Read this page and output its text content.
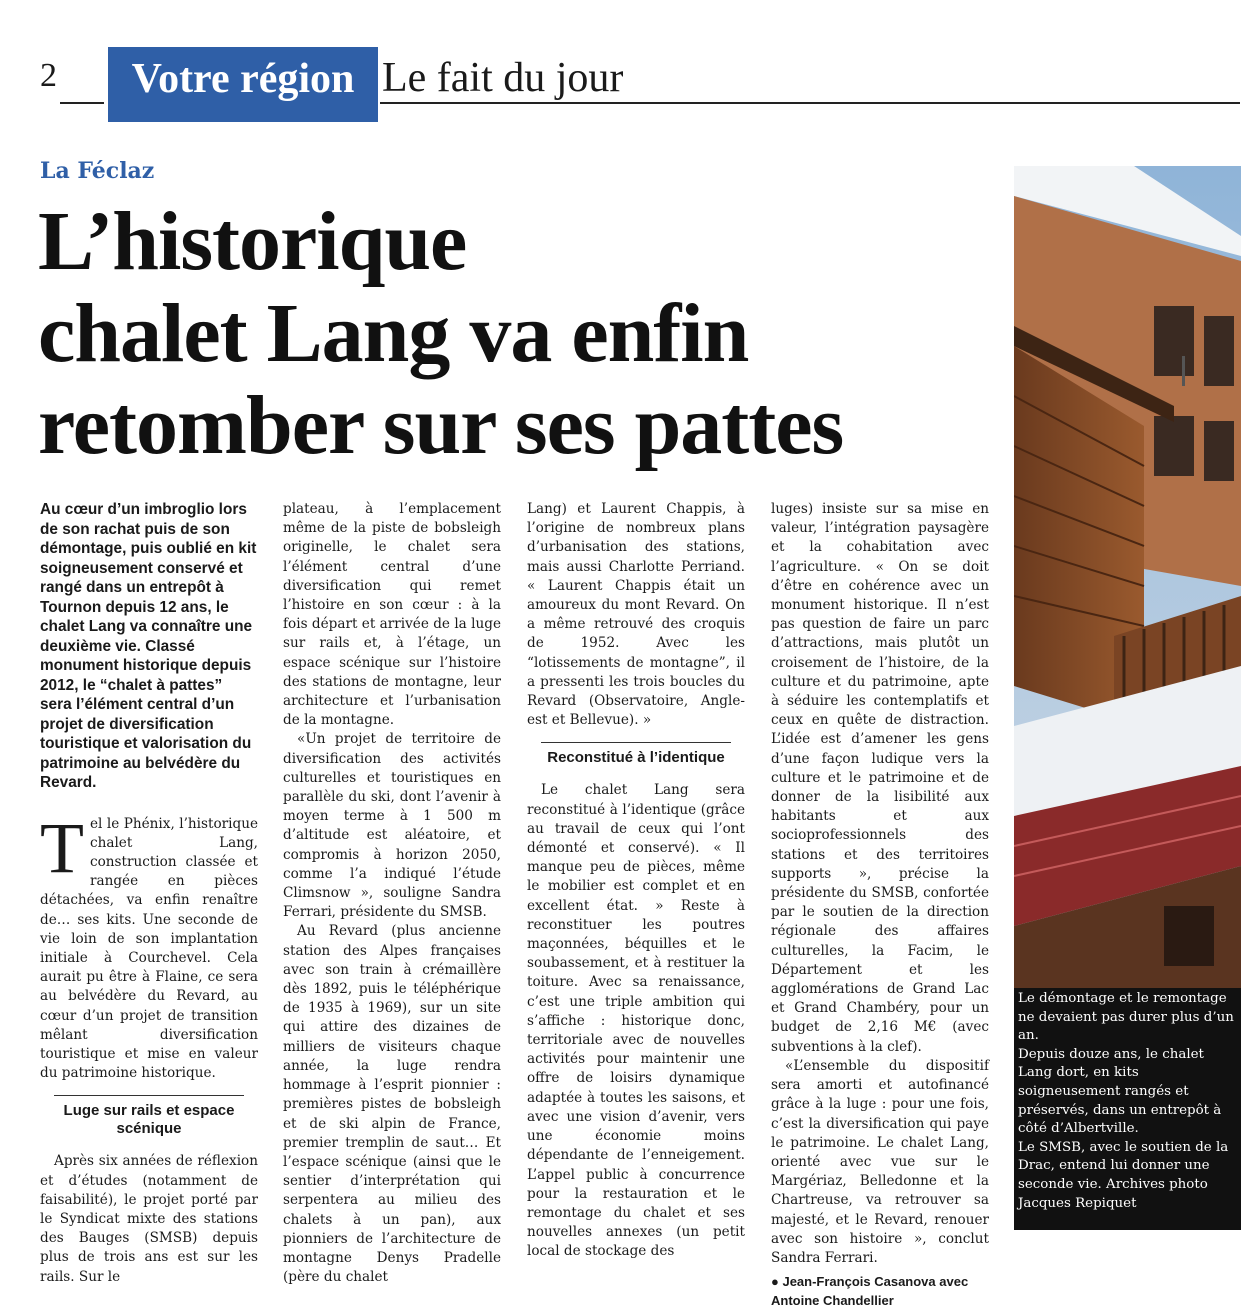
2	Votre région Le fait du jour
La Féclaz
L’historique
chalet Lang va enfin
retomber sur ses pattes
Au cœur d’un imbroglio lors de son rachat puis de son démontage, puis oublié en kit soigneusement conservé et rangé dans un entrepôt à Tournon depuis 12 ans, le chalet Lang va connaître une deuxième vie. Classé monument historique depuis 2012, le “chalet à pattes” sera l’élément central d’un projet de diversification touristique et valorisation du patrimoine au belvédère du Revard.

Tel le Phénix, l’historique chalet Lang, construction classée et rangée en pièces détachées, va enfin renaître de… ses kits. Une seconde de vie loin de son implantation initiale à Courchevel. Cela aurait pu être à Flaine, ce sera au belvédère du Revard, au cœur d’un projet de transition mêlant diversification touristique et mise en valeur du patrimoine historique.

Luge sur rails et espace scénique

Après six années de réflexion et d’études (notamment de faisabilité), le projet porté par le Syndicat mixte des stations des Bauges (SMSB) depuis plus de trois ans est sur les rails. Sur le

plateau, à l’emplacement même de la piste de bobsleigh originelle, le chalet sera l’élément central d’une diversification qui remet l’histoire en son cœur : à la fois départ et arrivée de la luge sur rails et, à l’étage, un espace scénique sur l’histoire des stations de montagne, leur architecture et l’urbanisation de la montagne.

«Un projet de territoire de diversification des activités culturelles et touristiques en parallèle du ski, dont l’avenir à moyen terme à 1 500 m d’altitude est aléatoire, et compromis à horizon 2050, comme l’a indiqué l’étude Climsnow », souligne Sandra Ferrari, présidente du SMSB.

Au Revard (plus ancienne station des Alpes françaises avec son train à crémaillère dès 1892, puis le téléphérique de 1935 à 1969), sur un site qui attire des dizaines de milliers de visiteurs chaque année, la luge rendra hommage à l’esprit pionnier : premières pistes de bobsleigh et de ski alpin de France, premier tremplin de saut… Et l’espace scénique (ainsi que le sentier d’interprétation qui serpentera au milieu des chalets à un pan), aux pionniers de l’architecture de montagne Denys Pradelle (père du chalet

Lang) et Laurent Chappis, à l’origine de nombreux plans d’urbanisation des stations, mais aussi Charlotte Perriand. « Laurent Chappis était un amoureux du mont Revard. On a même retrouvé des croquis de 1952. Avec les “lotissements de montagne”, il a pressenti les trois boucles du Revard (Observatoire, Angle-est et Bellevue). »

Reconstitué à l’identique

Le chalet Lang sera reconstitué à l’identique (grâce au travail de ceux qui l’ont démonté et conservé). « Il manque peu de pièces, même le mobilier est complet et en excellent état. » Reste à reconstituer les poutres maçonnées, béquilles et le soubassement, et à restituer la toiture. Avec sa renaissance, c’est une triple ambition qui s’affiche : historique donc, territoriale avec de nouvelles activités pour maintenir une offre de loisirs dynamique adaptée à toutes les saisons, et avec une vision d’avenir, vers une économie moins dépendante de l’enneigement. L’appel public à concurrence pour la restauration et le remontage du chalet et ses nouvelles annexes (un petit local de stockage des

luges) insiste sur sa mise en valeur, l’intégration paysagère et la cohabitation avec l’agriculture. « On se doit d’être en cohérence avec un monument historique. Il n’est pas question de faire un parc d’attractions, mais plutôt un croisement de l’histoire, de la culture et du patrimoine, apte à séduire les contemplatifs et ceux en quête de distraction. L’idée est d’amener les gens d’une façon ludique vers la culture et le patrimoine et de donner de la lisibilité aux habitants et aux socioprofessionnels des stations et des territoires supports », précise la présidente du SMSB, confortée par le soutien de la direction régionale des affaires culturelles, la Facim, le Département et les agglomérations de Grand Lac et Grand Chambéry, pour un budget de 2,16 M€ (avec subventions à la clef).

«L’ensemble du dispositif sera amorti et autofinancé grâce à la luge : pour une fois, c’est la diversification qui paye le patrimoine. Le chalet Lang, orienté avec vue sur le Margériaz, Belledonne et la Chartreuse, va retrouver sa majesté, et le Revard, renouer avec son histoire », conclut Sandra Ferrari.

● Jean-François Casanova avec Antoine Chandellier

Le démontage et le remontage ne devaient pas durer plus d’un an.

Depuis douze ans, le chalet Lang dort, en kits soigneusement rangés et préservés, dans un entrepôt à côté d’Albertville.

Le SMSB, avec le soutien de la Drac, entend lui donner une seconde vie. Archives photo Jacques Repiquet
